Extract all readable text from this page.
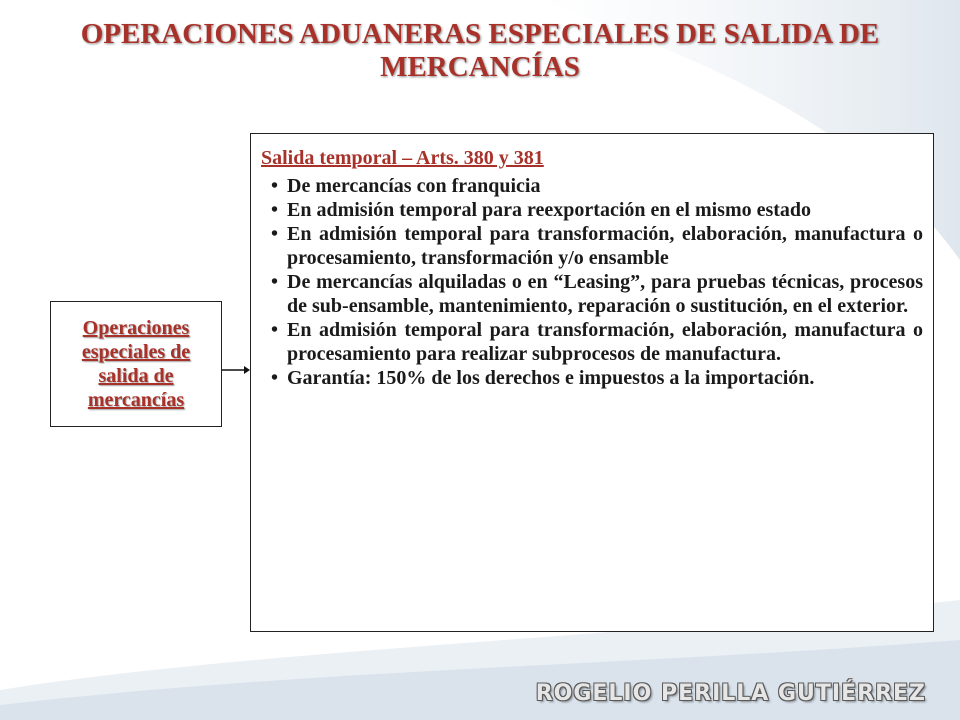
OPERACIONES ADUANERAS ESPECIALES DE SALIDA DE MERCANCÍAS
Operaciones especiales de salida de mercancías
Salida temporal – Arts. 380 y 381
• De mercancías con franquicia
• En admisión temporal para reexportación en el mismo estado
• En admisión temporal para transformación, elaboración, manufactura o procesamiento, transformación y/o ensamble
• De mercancías alquiladas o en “Leasing”, para pruebas técnicas, procesos de sub-ensamble, mantenimiento, reparación o sustitución, en el exterior.
• En admisión temporal para transformación, elaboración, manufactura o procesamiento para realizar subprocesos de manufactura.
• Garantía: 150% de los derechos e impuestos a la importación.
ROGELIO PERILLA GUTIÉRREZ
